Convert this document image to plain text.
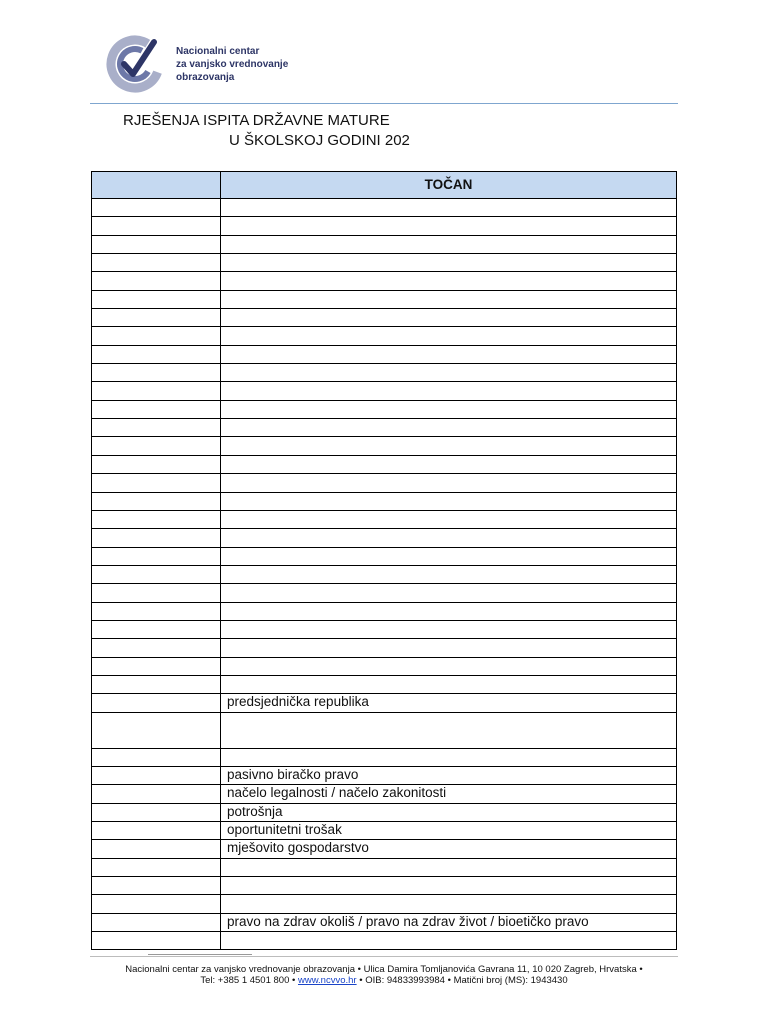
Nacionalni centar
za vanjsko vrednovanje
obrazovanja
RJEŠENJA ISPITA DRŽAVNE MATURE
U ŠKOLSKOJ GODINI 202
	TOČAN

	predsjednička republika

	pasivno biračko pravo
	načelo legalnosti / načelo zakonitosti
	potrošnja
	oportunitetni trošak
	mješovito gospodarstvo

	pravo na zdrav okoliš / pravo na zdrav život / bioetičko pravo

Nacionalni centar za vanjsko vrednovanje obrazovanja • Ulica Damira Tomljanovića Gavrana 11, 10 020 Zagreb, Hrvatska •
Tel: +385 1 4501 800 • www.ncvvo.hr • OIB: 94833993984 • Matični broj (MS): 1943430
